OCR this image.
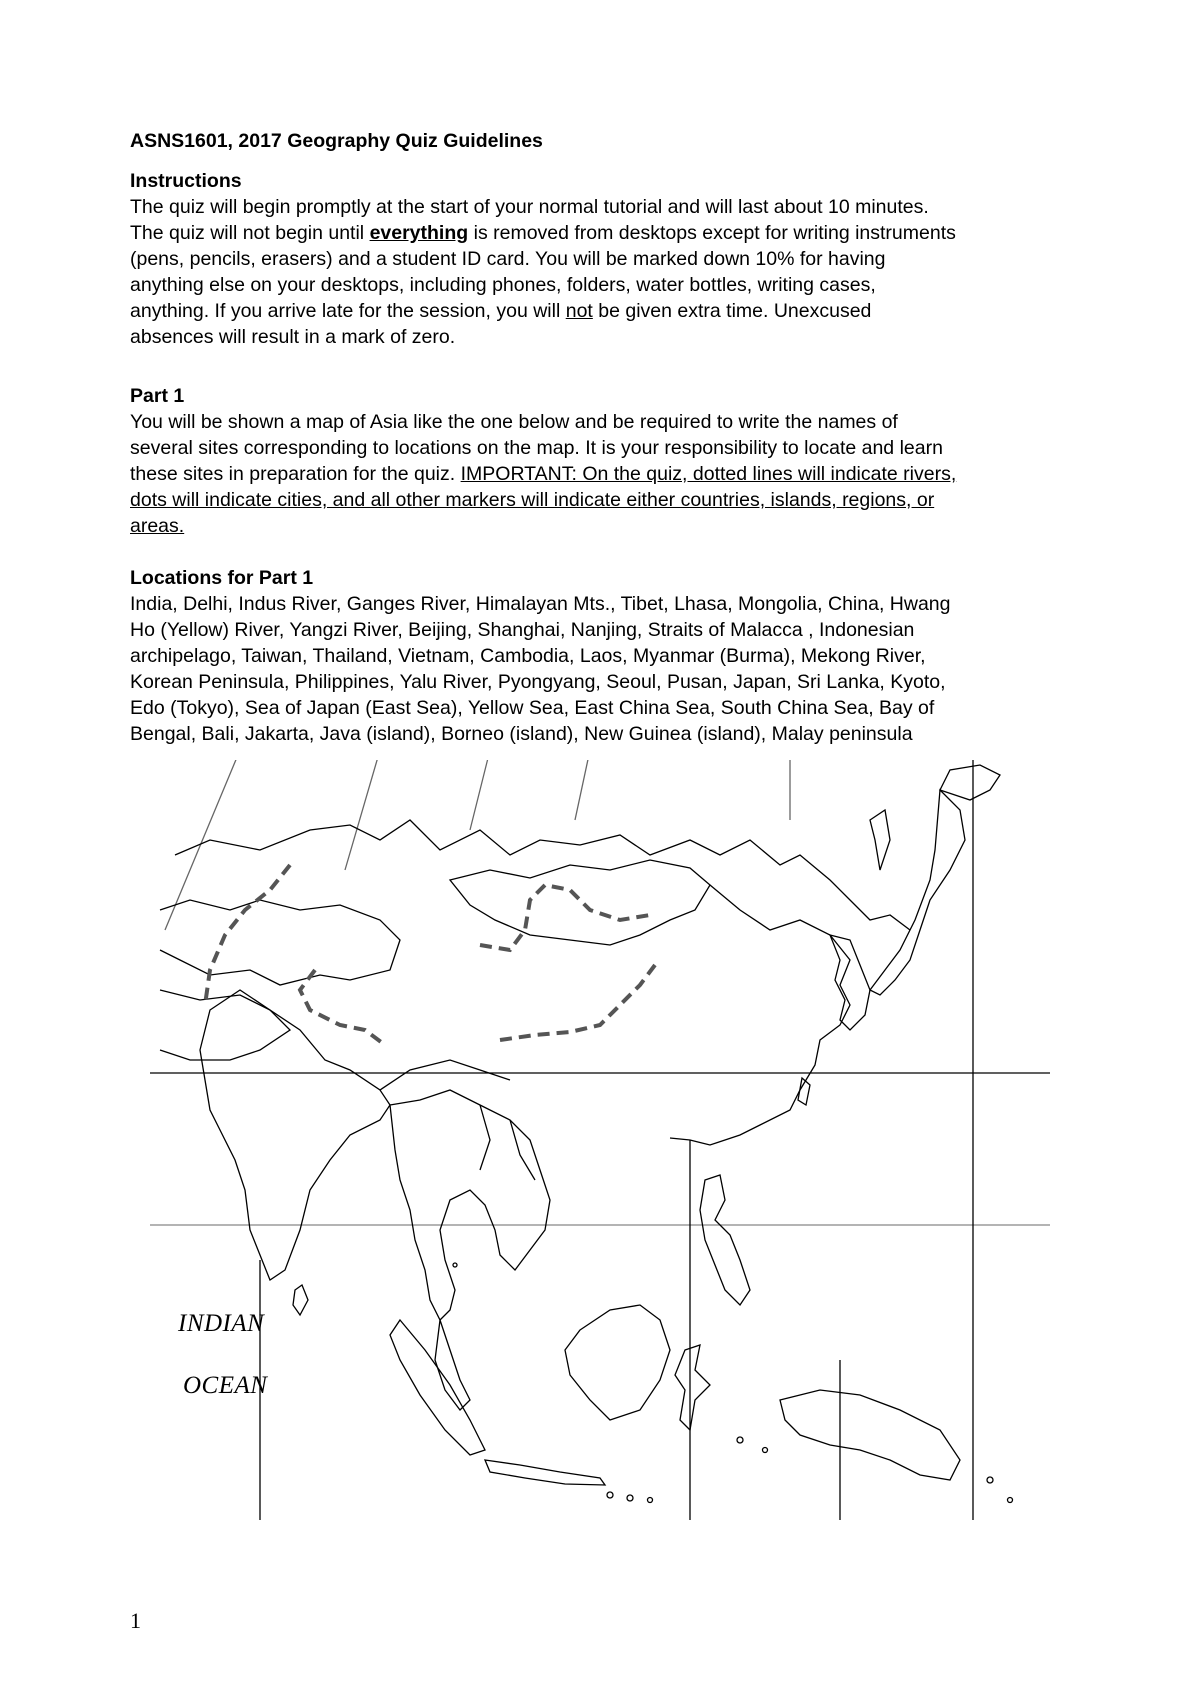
ASNS1601, 2017 Geography Quiz Guidelines
Instructions
The quiz will begin promptly at the start of your normal tutorial and will last about 10 minutes.
The quiz will not begin until everything is removed from desktops except for writing instruments
(pens, pencils, erasers) and a student ID card. You will be marked down 10% for having
anything else on your desktops, including phones, folders, water bottles, writing cases,
anything. If you arrive late for the session, you will not be given extra time. Unexcused
absences will result in a mark of zero.
Part 1
You will be shown a map of Asia like the one below and be required to write the names of
several sites corresponding to locations on the map. It is your responsibility to locate and learn
these sites in preparation for the quiz. IMPORTANT: On the quiz, dotted lines will indicate rivers,
dots will indicate cities, and all other markers will indicate either countries, islands, regions, or
areas.
Locations for Part 1
India, Delhi, Indus River, Ganges River, Himalayan Mts., Tibet, Lhasa, Mongolia, China, Hwang
Ho (Yellow) River, Yangzi River, Beijing, Shanghai, Nanjing, Straits of Malacca , Indonesian
archipelago, Taiwan, Thailand, Vietnam, Cambodia, Laos, Myanmar (Burma), Mekong River,
Korean Peninsula, Philippines, Yalu River, Pyongyang, Seoul, Pusan, Japan, Sri Lanka, Kyoto,
Edo (Tokyo), Sea of Japan (East Sea), Yellow Sea, East China Sea, South China Sea, Bay of
Bengal, Bali, Jakarta, Java (island), Borneo (island), New Guinea (island), Malay peninsula
INDIAN
OCEAN
1
